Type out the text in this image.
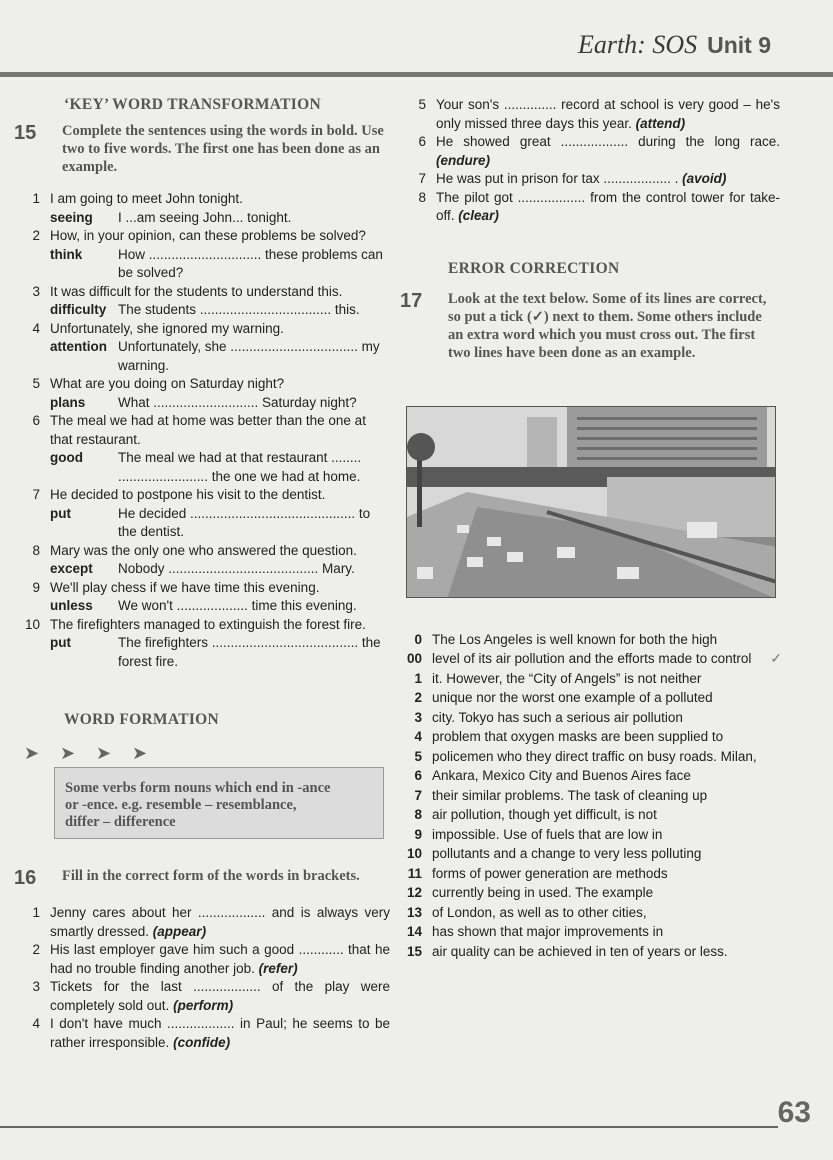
Earth: SOS Unit 9
‘KEY’ WORD TRANSFORMATION
15	Complete the sentences using the words in bold. Use two to five words. The first one has been done as an example.
1 I am going to meet John tonight.
seeing	I ...am seeing John... tonight.
2 How, in your opinion, can these problems be solved?
think	How .............................. these problems can be solved?
3 It was difficult for the students to understand this.
difficulty The students ................................... this.
4 Unfortunately, she ignored my warning.
attention Unfortunately, she .................................. my warning.
5 What are you doing on Saturday night?
plans	What ............................ Saturday night?
6 The meal we had at home was better than the one at that restaurant.
good	The meal we had at that restaurant ........ ........................ the one we had at home.
7 He decided to postpone his visit to the dentist.
put	He decided ............................................ to the dentist.
8 Mary was the only one who answered the question.
except	Nobody ........................................ Mary.
9 We'll play chess if we have time this evening.
unless	We won't ................... time this evening.
10 The firefighters managed to extinguish the forest fire.
put	The firefighters ....................................... the forest fire.
WORD FORMATION
➤	➤	➤	➤
Some verbs form nouns which end in -ance
or -ence. e.g. resemble – resemblance,
differ – difference
16	Fill in the correct form of the words in brackets.
1 Jenny cares about her .................. and is always very smartly dressed. (appear)
2 His last employer gave him such a good ............ that he had no trouble finding another job. (refer)
3 Tickets for the last .................. of the play were completely sold out. (perform)
4 I don't have much .................. in Paul; he seems to be rather irresponsible. (confide)
5 Your son's .............. record at school is very good – he's only missed three days this year. (attend)
6 He showed great .................. during the long race. (endure)
7 He was put in prison for tax .................. . (avoid)
8 The pilot got .................. from the control tower for take-off. (clear)
ERROR CORRECTION
17	Look at the text below. Some of its lines are correct, so put a tick (✓) next to them. Some others include an extra word which you must cross out. The first two lines have been done as an example.
0 The Los Angeles is well known for both the high
00 level of its air pollution and the efforts made to control	✓
1 it. However, the “City of Angels” is not neither
2 unique nor the worst one example of a polluted
3 city. Tokyo has such a serious air pollution
4 problem that oxygen masks are been supplied to
5 policemen who they direct traffic on busy roads. Milan,
6 Ankara, Mexico City and Buenos Aires face
7 their similar problems. The task of cleaning up
8 air pollution, though yet difficult, is not
9 impossible. Use of fuels that are low in
10 pollutants and a change to very less polluting
11 forms of power generation are methods
12 currently being in used. The example
13 of London, as well as to other cities,
14 has shown that major improvements in
15 air quality can be achieved in ten of years or less.
63
